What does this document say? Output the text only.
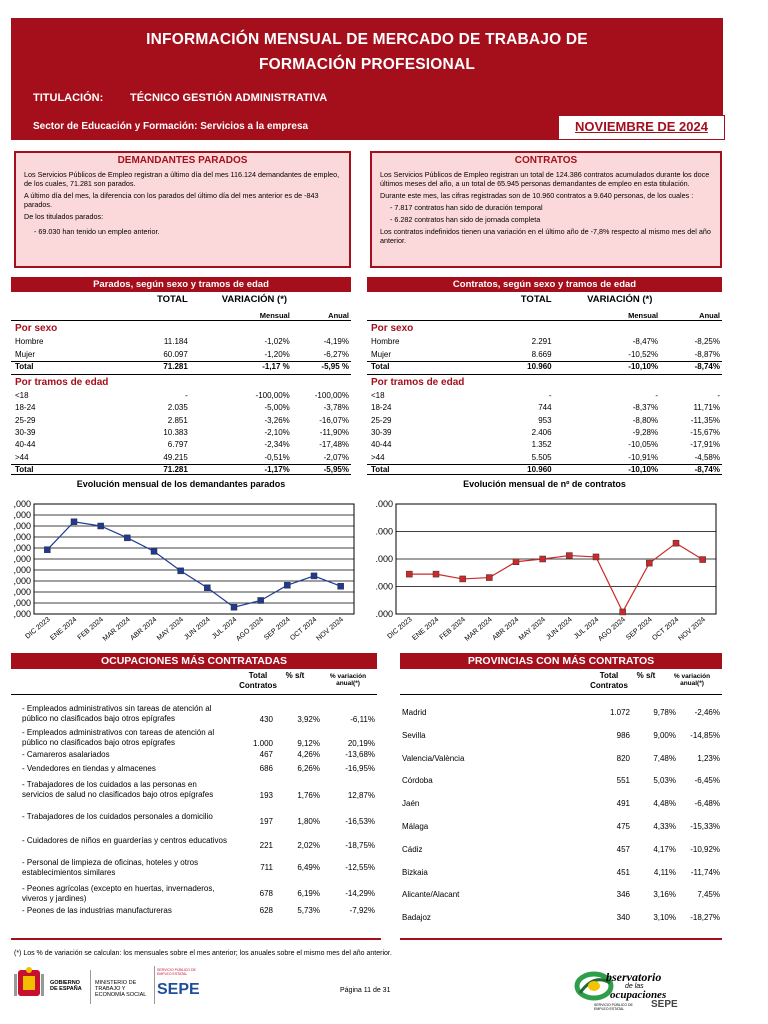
INFORMACIÓN MENSUAL DE MERCADO DE TRABAJO DE
FORMACIÓN PROFESIONAL
TITULACIÓN: TÉCNICO GESTIÓN ADMINISTRATIVA
Sector de Educación y Formación: Servicios a la empresa	NOVIEMBRE DE 2024
DEMANDANTES PARADOS

Los Servicios Públicos de Empleo registran a último día del mes 116.124 demandantes de empleo, de los cuales, 71.281 son parados.

A último día del mes, la diferencia con los parados del último día del mes anterior es de -843 parados.

De los titulados parados:

- 69.030 han tenido un empleo anterior.

CONTRATOS

Los Servicios Públicos de Empleo registran un total de 124.386 contratos acumulados durante los doce últimos meses del año, a un total de 65.945 personas demandantes de empleo en esta titulación.

Durante este mes, las cifras registradas son de 10.960 contratos a 9.640 personas, de los cuales :

- 7.817 contratos han sido de duración temporal

- 6.282 contratos han sido de jornada completa

Los contratos indefinidos tienen una variación en el último año de -7,8% respecto al mismo mes del año anterior.

Parados, según sexo y tramos de edad	Contratos, según sexo y tramos de edad
TOTAL	VARIACIÓN (*)
Mensual	Anual
Por sexo
Hombre	11.184	-1,02%	-4,19%
Mujer	60.097	-1,20%	-6,27%
Total	71.281	-1,17 %	-5,95 %
Por tramos de edad
<18	-	-100,00%	-100,00%
18-24	2.035	-5,00%	-3,78%
25-29	2.851	-3,26%	-16,07%
30-39	10.383	-2,10%	-11,90%
40-44	6.797	-2,34%	-17,48%
>44	49.215	-0,51%	-2,07%
Total	71.281	-1,17%	-5,95%
TOTAL	VARIACIÓN (*)
Mensual	Anual
Por sexo
Hombre	2.291	-8,47%	-8,25%
Mujer	8.669	-10,52%	-8,87%
Total	10.960	-10,10%	-8,74%
Por tramos de edad
<18	-	-	-
18-24	744	-8,37%	11,71%
25-29	953	-8,80%	-11,35%
30-39	2.406	-9,28%	-15,67%
40-44	1.352	-10,05%	-17,91%
>44	5.505	-10,91%	-4,58%
Total	10.960	-10,10%	-8,74%
Evolución mensual de los demandantes parados	Evolución mensual de nº de contratos
,000
,000
,000
,000
,000
,000
,000
,000
,000
,000
,000
DIC 2023
ENE 2024
FEB 2024
MAR 2024
ABR 2024
MAY 2024
JUN 2024 JUL 2024
AGO 2024
SEP 2024
OCT 2024
NOV 2024
.000
.000
.000
.000
.000
DIC 2023
ENE 2024
FEB 2024
MAR 2024
ABR 2024
MAY 2024
JUN 2024 JUL 2024
AGO 2024
SEP 2024
OCT 2024
NOV 2024
OCUPACIONES MÁS CONTRATADAS	PROVINCIAS CON MÁS CONTRATOS
Total Contratos
% s/t	% variación anual(*)
- Empleados administrativos sin tareas de atención al público no clasificados bajo otros epígrafes	430	3,92%	-6,11%
- Empleados administrativos con tareas de atención al público no clasificados bajo otros epígrafes	1.000	9,12%	20,19%
- Camareros asalariados	467	4,26%	-13,68%
- Vendedores en tiendas y almacenes	686	6,26%	-16,95%
- Trabajadores de los cuidados a las personas en servicios de salud no clasificados bajo otros epígrafes	193	1,76%	12,87%
- Trabajadores de los cuidados personales a domicilio
197	1,80%	-16,53%
- Cuidadores de niños en guarderías y centros educativos
221	2,02%	-18,75%
- Personal de limpieza de oficinas, hoteles y otros establecimientos similares
711	6,49%	-12,55%
- Peones agrícolas (excepto en huertas, invernaderos, viveros y jardines)
678	6,19%	-14,29%
- Peones de las industrias manufactureras	628	5,73%	-7,92%
Total Contratos
% s/t	% variación anual(*)
Madrid	1.072	9,78%	-2,46%
Sevilla	986	9,00%	-14,85%
Valencia/València	820	7,48%	1,23%
Córdoba	551	5,03%	-6,45%
Jaén	491	4,48%	-6,48%
Málaga	475	4,33%	-15,33%
Cádiz	457	4,17%	-10,92%
Bizkaia	451	4,11%	-11,74%
Alicante/Alacant	346	3,16%	7,45%
Badajoz	340	3,10%	-18,27%
(*) Los % de variación se calculan: los mensuales sobre el mes anterior; los anuales sobre el mismo mes del año anterior.
GOBIERNO DE ESPAÑA
MINISTERIO DE TRABAJO Y ECONOMÍA SOCIAL
SERVICIO PÚBLICO DE EMPLEO ESTATAL
SEPE	Página 11 de 31
bservatorio
de las
ocupaciones
SERVICIO PÚBLICO DE EMPLEO ESTATAL	SEPE
